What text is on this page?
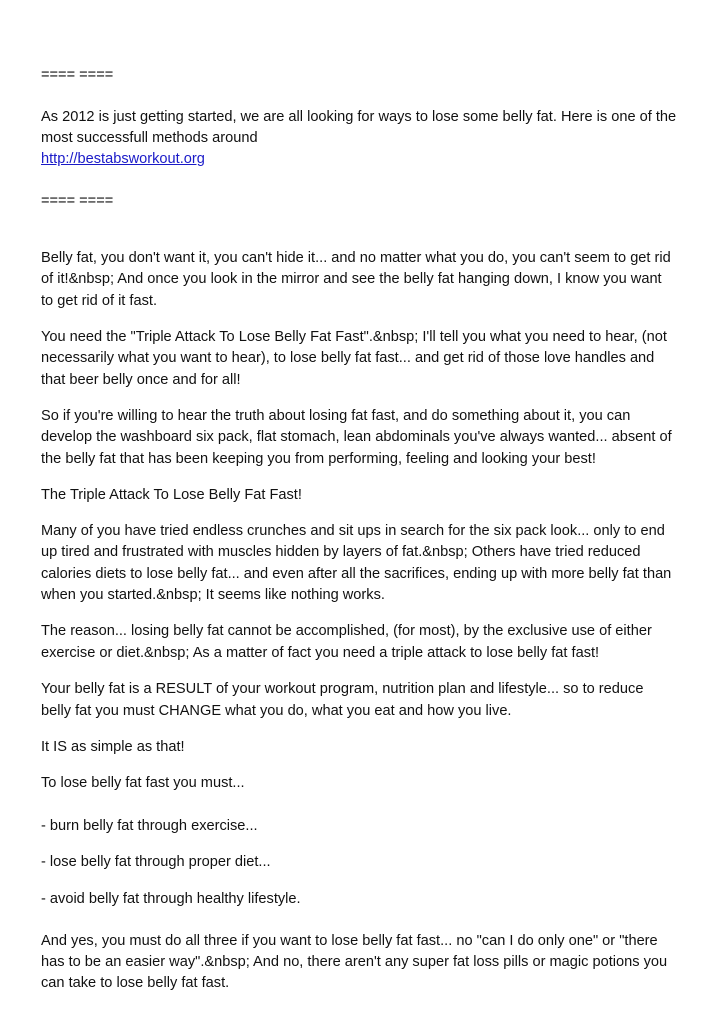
==== ====
As 2012 is just getting started, we are all looking for ways to lose some belly fat. Here is one of the
most successfull methods around
http://bestabsworkout.org
==== ====
Belly fat, you don't want it, you can't hide it... and no matter what you do, you can't seem to get rid
of it!&nbsp; And once you look in the mirror and see the belly fat hanging down, I know you want
to get rid of it fast.
You need the "Triple Attack To Lose Belly Fat Fast".&nbsp; I'll tell you what you need to hear, (not
necessarily what you want to hear), to lose belly fat fast... and get rid of those love handles and
that beer belly once and for all!
So if you're willing to hear the truth about losing fat fast, and do something about it, you can
develop the washboard six pack, flat stomach, lean abdominals you've always wanted... absent of
the belly fat that has been keeping you from performing, feeling and looking your best!
The Triple Attack To Lose Belly Fat Fast!
Many of you have tried endless crunches and sit ups in search for the six pack look... only to end
up tired and frustrated with muscles hidden by layers of fat.&nbsp; Others have tried reduced
calories diets to lose belly fat... and even after all the sacrifices, ending up with more belly fat than
when you started.&nbsp; It seems like nothing works.
The reason... losing belly fat cannot be accomplished, (for most), by the exclusive use of either
exercise or diet.&nbsp; As a matter of fact you need a triple attack to lose belly fat fast!
Your belly fat is a RESULT of your workout program, nutrition plan and lifestyle... so to reduce
belly fat you must CHANGE what you do, what you eat and how you live.
It IS as simple as that!
To lose belly fat fast you must...
- burn belly fat through exercise...
- lose belly fat through proper diet...
- avoid belly fat through healthy lifestyle.
And yes, you must do all three if you want to lose belly fat fast... no "can I do only one" or "there
has to be an easier way".&nbsp; And no, there aren't any super fat loss pills or magic potions you
can take to lose belly fat fast.
